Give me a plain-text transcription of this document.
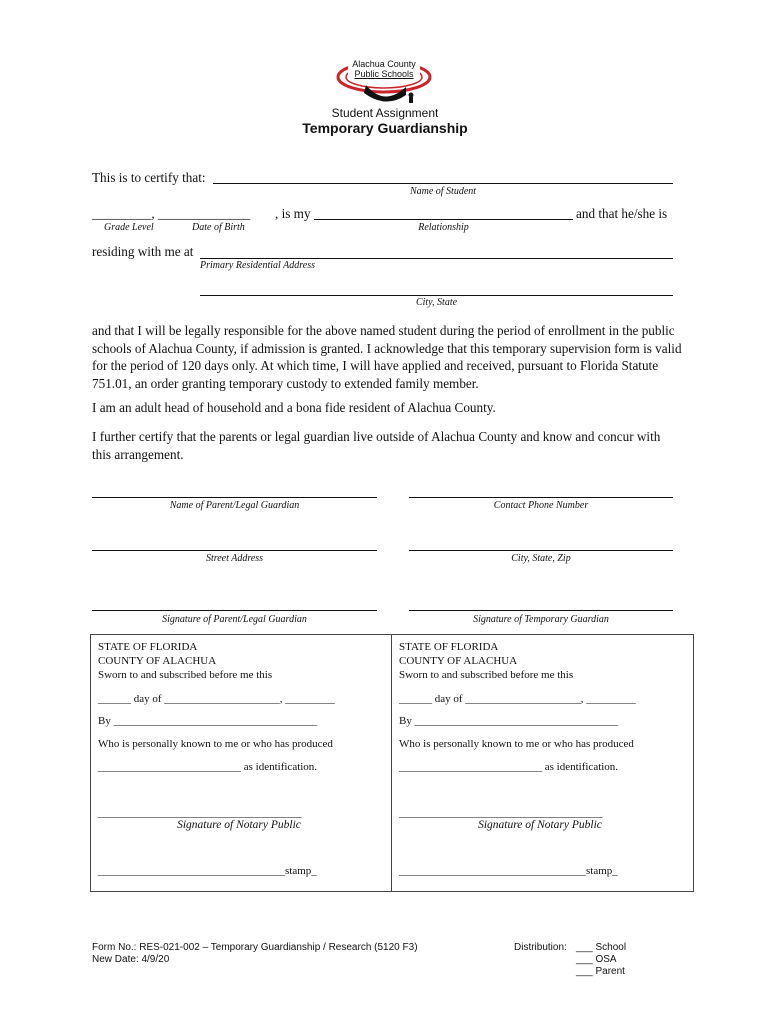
Alachua County
Public Schools
Student Assignment
Temporary Guardianship
This is to certify that:
Name of Student
_________, ______________ , is my	and that he/she is
Grade Level	Date of Birth	Relationship
residing with me at
Primary Residential Address
City, State
and that I will be legally responsible for the above named student during the period of enrollment in the public schools of Alachua County, if admission is granted. I acknowledge that this temporary supervision form is valid for the period of 120 days only. At which time, I will have applied and received, pursuant to Florida Statute 751.01, an order granting temporary custody to extended family member.
I am an adult head of household and a bona fide resident of Alachua County.
I further certify that the parents or legal guardian live outside of Alachua County and know and concur with this arrangement.
Name of Parent/Legal Guardian	Contact Phone Number
Street Address	City, State, Zip
Signature of Parent/Legal Guardian	Signature of Temporary Guardian
STATE OF FLORIDA
COUNTY OF ALACHUA
Sworn to and subscribed before me this
______ day of _____________________, _________
By _____________________________________
Who is personally known to me or who has produced
__________________________ as identification.
_____________________________________
Signature of Notary Public
__________________________________stamp_
STATE OF FLORIDA
COUNTY OF ALACHUA
Sworn to and subscribed before me this
______ day of _____________________, _________
By _____________________________________
Who is personally known to me or who has produced
__________________________ as identification.
_____________________________________
Signature of Notary Public
__________________________________stamp_
Form No.: RES-021-002 – Temporary Guardianship / Research (5120 F3)
New Date: 4/9/20
Distribution: ___ School
___ OSA
___ Parent
